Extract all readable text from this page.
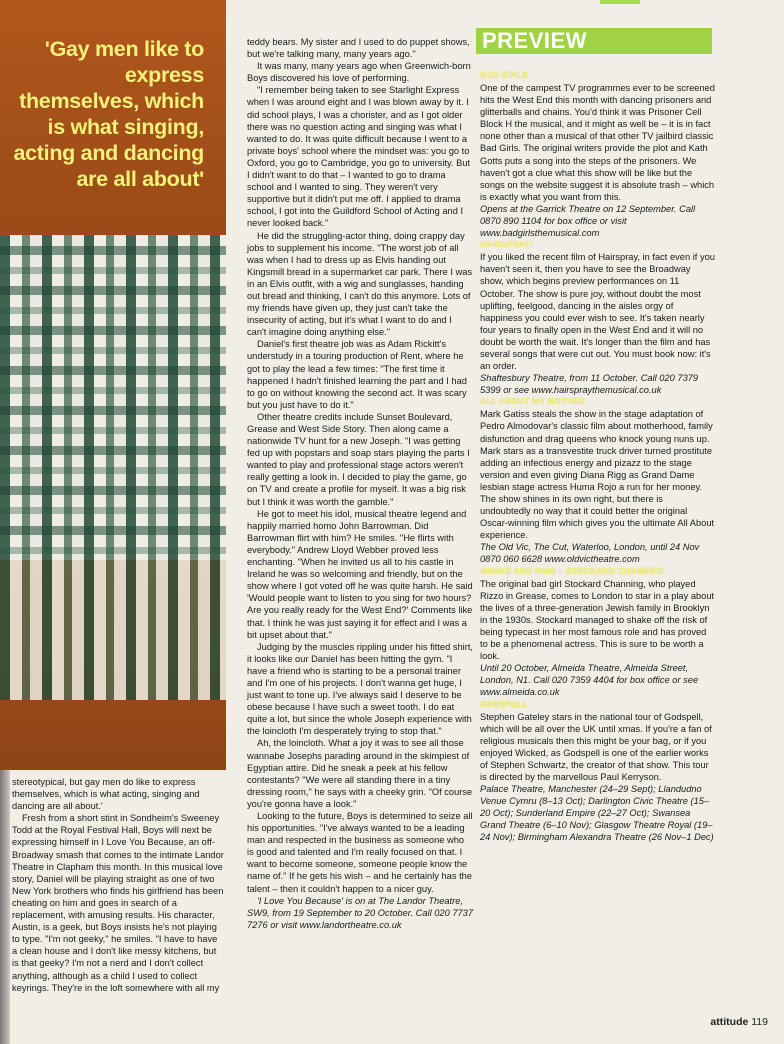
'Gay men like to express themselves, which is what singing, acting and dancing are all about'

stereotypical, but gay men do like to express themselves, which is what acting, singing and dancing are all about.'

Fresh from a short stint in Sondheim's Sweeney Todd at the Royal Festival Hall, Boys will next be expressing himself in I Love You Because, an off-Broadway smash that comes to the intimate Landor Theatre in Clapham this month. In this musical love story, Daniel will be playing straight as one of two New York brothers who finds his girlfriend has been cheating on him and goes in search of a replacement, with amusing results. His character, Austin, is a geek, but Boys insists he's not playing to type. "I'm not geeky," he smiles. "I have to have a clean house and I don't like messy kitchens, but is that geeky? I'm not a nerd and I don't collect anything, although as a child I used to collect keyrings. They're in the loft somewhere with all my

teddy bears. My sister and I used to do puppet shows, but we're talking many, many years ago."

It was many, many years ago when Greenwich-born Boys discovered his love of performing.

"I remember being taken to see Starlight Express when I was around eight and I was blown away by it. I did school plays, I was a chorister, and as I got older there was no question acting and singing was what I wanted to do. It was quite difficult because I went to a private boys' school where the mindset was: you go to Oxford, you go to Cambridge, you go to university. But I didn't want to do that – I wanted to go to drama school and I wanted to sing. They weren't very supportive but it didn't put me off. I applied to drama school, I got into the Guildford School of Acting and I never looked back."

He did the struggling-actor thing, doing crappy day jobs to supplement his income. "The worst job of all was when I had to dress up as Elvis handing out Kingsmill bread in a supermarket car park. There I was in an Elvis outfit, with a wig and sunglasses, handing out bread and thinking, I can't do this anymore. Lots of my friends have given up, they just can't take the insecurity of acting, but it's what I want to do and I can't imagine doing anything else."

Daniel's first theatre job was as Adam Rickitt's understudy in a touring production of Rent, where he got to play the lead a few times: "The first time it happened I hadn't finished learning the part and I had to go on without knowing the second act. It was scary but you just have to do it."

Other theatre credits include Sunset Boulevard, Grease and West Side Story. Then along came a nationwide TV hunt for a new Joseph. "I was getting fed up with popstars and soap stars playing the parts I wanted to play and professional stage actors weren't really getting a look in. I decided to play the game, go on TV and create a profile for myself. It was a big risk but I think it was worth the gamble."

He got to meet his idol, musical theatre legend and happily married homo John Barrowman. Did Barrowman flirt with him? He smiles. "He flirts with everybody." Andrew Lloyd Webber proved less enchanting. "When he invited us all to his castle in Ireland he was so welcoming and friendly, but on the show where I got voted off he was quite harsh. He said 'Would people want to listen to you sing for two hours? Are you really ready for the West End?' Comments like that. I think he was just saying it for effect and I was a bit upset about that."

Judging by the muscles rippling under his fitted shirt, it looks like our Daniel has been hitting the gym. "I have a friend who is starting to be a personal trainer and I'm one of his projects. I don't wanna get huge, I just want to tone up. I've always said I deserve to be obese because I have such a sweet tooth. I do eat quite a lot, but since the whole Joseph experience with the loincloth I'm desperately trying to stop that."

Ah, the loincloth. What a joy it was to see all those wannabe Josephs parading around in the skimpiest of Egyptian attire. Did he sneak a peek at his fellow contestants? "We were all standing there in a tiny dressing room," he says with a cheeky grin. "Of course you're gonna have a look."

Looking to the future, Boys is determined to seize all his opportunities. "I've always wanted to be a leading man and respected in the business as someone who is good and talented and I'm really focused on that. I want to become someone, someone people know the name of." If he gets his wish – and he certainly has the talent – then it couldn't happen to a nicer guy.

'I Love You Because' is on at The Landor Theatre, SW9, from 19 September to 20 October. Call 020 7737 7276 or visit www.landortheatre.co.uk

PREVIEW
BAD GIRLS

One of the campest TV programmes ever to be screened hits the West End this month with dancing prisoners and glitterballs and chains. You'd think it was Prisoner Cell Block H the musical, and it might as well be – it is in fact none other than a musical of that other TV jailbird classic Bad Girls. The original writers provide the plot and Kath Gotts puts a song into the steps of the prisoners. We haven't got a clue what this show will be like but the songs on the website suggest it is absolute trash – which is exactly what you want from this.

Opens at the Garrick Theatre on 12 September. Call 0870 890 1104 for box office or visit www.badgirlsthemusical.com

HAIRSPRAY!

If you liked the recent film of Hairspray, in fact even if you haven't seen it, then you have to see the Broadway show, which begins preview performances on 11 October. The show is pure joy, without doubt the most uplifting, feelgood, dancing in the aisles orgy of happiness you could ever wish to see. It's taken nearly four years to finally open in the West End and it will no doubt be worth the wait. It's longer than the film and has several songs that were cut out. You must book now: it's an order.

Shaftesbury Theatre, from 11 October. Call 020 7379 5399 or see www.hairspraythemusical.co.uk

ALL ABOUT MY MOTHER

Mark Gatiss steals the show in the stage adaptation of Pedro Almodovar's classic film about motherhood, family disfunction and drag queens who knock young nuns up. Mark stars as a transvestite truck driver turned prostitute adding an infectious energy and pizazz to the stage version and even giving Diana Rigg as Grand Dame lesbian stage actress Huma Rojo a run for her money. The show shines in its own right, but there is undoubtedly no way that it could better the original Oscar-winning film which gives you the ultimate All About experience.

The Old Vic, The Cut, Waterloo, London, until 24 Nov 0870 060 6628 www.oldvictheatre.com

AWAKE AND SING – STOCKARD CHANNING

The original bad girl Stockard Channing, who played Rizzo in Grease, comes to London to star in a play about the lives of a three-generation Jewish family in Brooklyn in the 1930s. Stockard managed to shake off the risk of being typecast in her most famous role and has proved to be a phenomenal actress. This is sure to be worth a look.

Until 20 October, Almeida Theatre, Almeida Street, London, N1. Call 020 7359 4404 for box office or see www.almeida.co.uk

GODSPELL

Stephen Gateley stars in the national tour of Godspell, which will be all over the UK until xmas. If you're a fan of religious musicals then this might be your bag, or if you enjoyed Wicked, as Godspell is one of the earlier works of Stephen Schwartz, the creator of that show. This tour is directed by the marvellous Paul Kerryson.

Palace Theatre, Manchester (24–29 Sept); Llandudno Venue Cymru (8–13 Oct); Darlington Civic Theatre (15–20 Oct); Sunderland Empire (22–27 Oct); Swansea Grand Theatre (6–10 Nov); Glasgow Theatre Royal (19–24 Nov); Birmingham Alexandra Theatre (26 Nov–1 Dec)

attitude 119
